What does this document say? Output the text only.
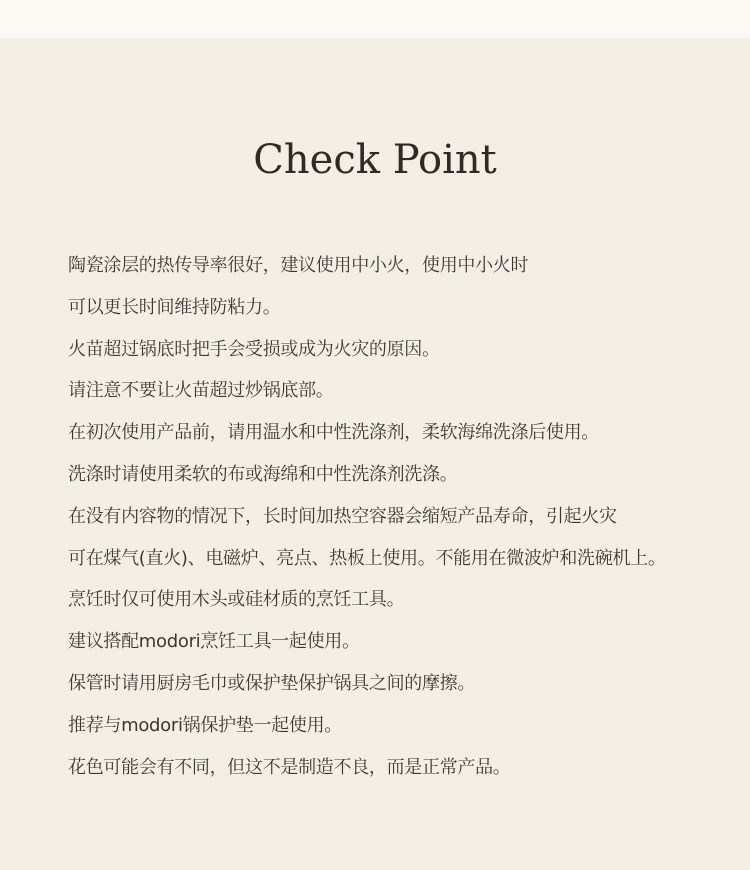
Check Point
陶瓷涂层的热传导率很好，建议使用中小火，使用中小火时
可以更长时间维持防粘力。
火苗超过锅底时把手会受损或成为火灾的原因。
请注意不要让火苗超过炒锅底部。
在初次使用产品前，请用温水和中性洗涤剂，柔软海绵洗涤后使用。
洗涤时请使用柔软的布或海绵和中性洗涤剂洗涤。
在没有内容物的情况下，长时间加热空容器会缩短产品寿命，引起火灾
可在煤气(直火)、电磁炉、亮点、热板上使用。不能用在微波炉和洗碗机上。
烹饪时仅可使用木头或硅材质的烹饪工具。
建议搭配modori烹饪工具一起使用。
保管时请用厨房毛巾或保护垫保护锅具之间的摩擦。
推荐与modori锅保护垫一起使用。
花色可能会有不同，但这不是制造不良，而是正常产品。
